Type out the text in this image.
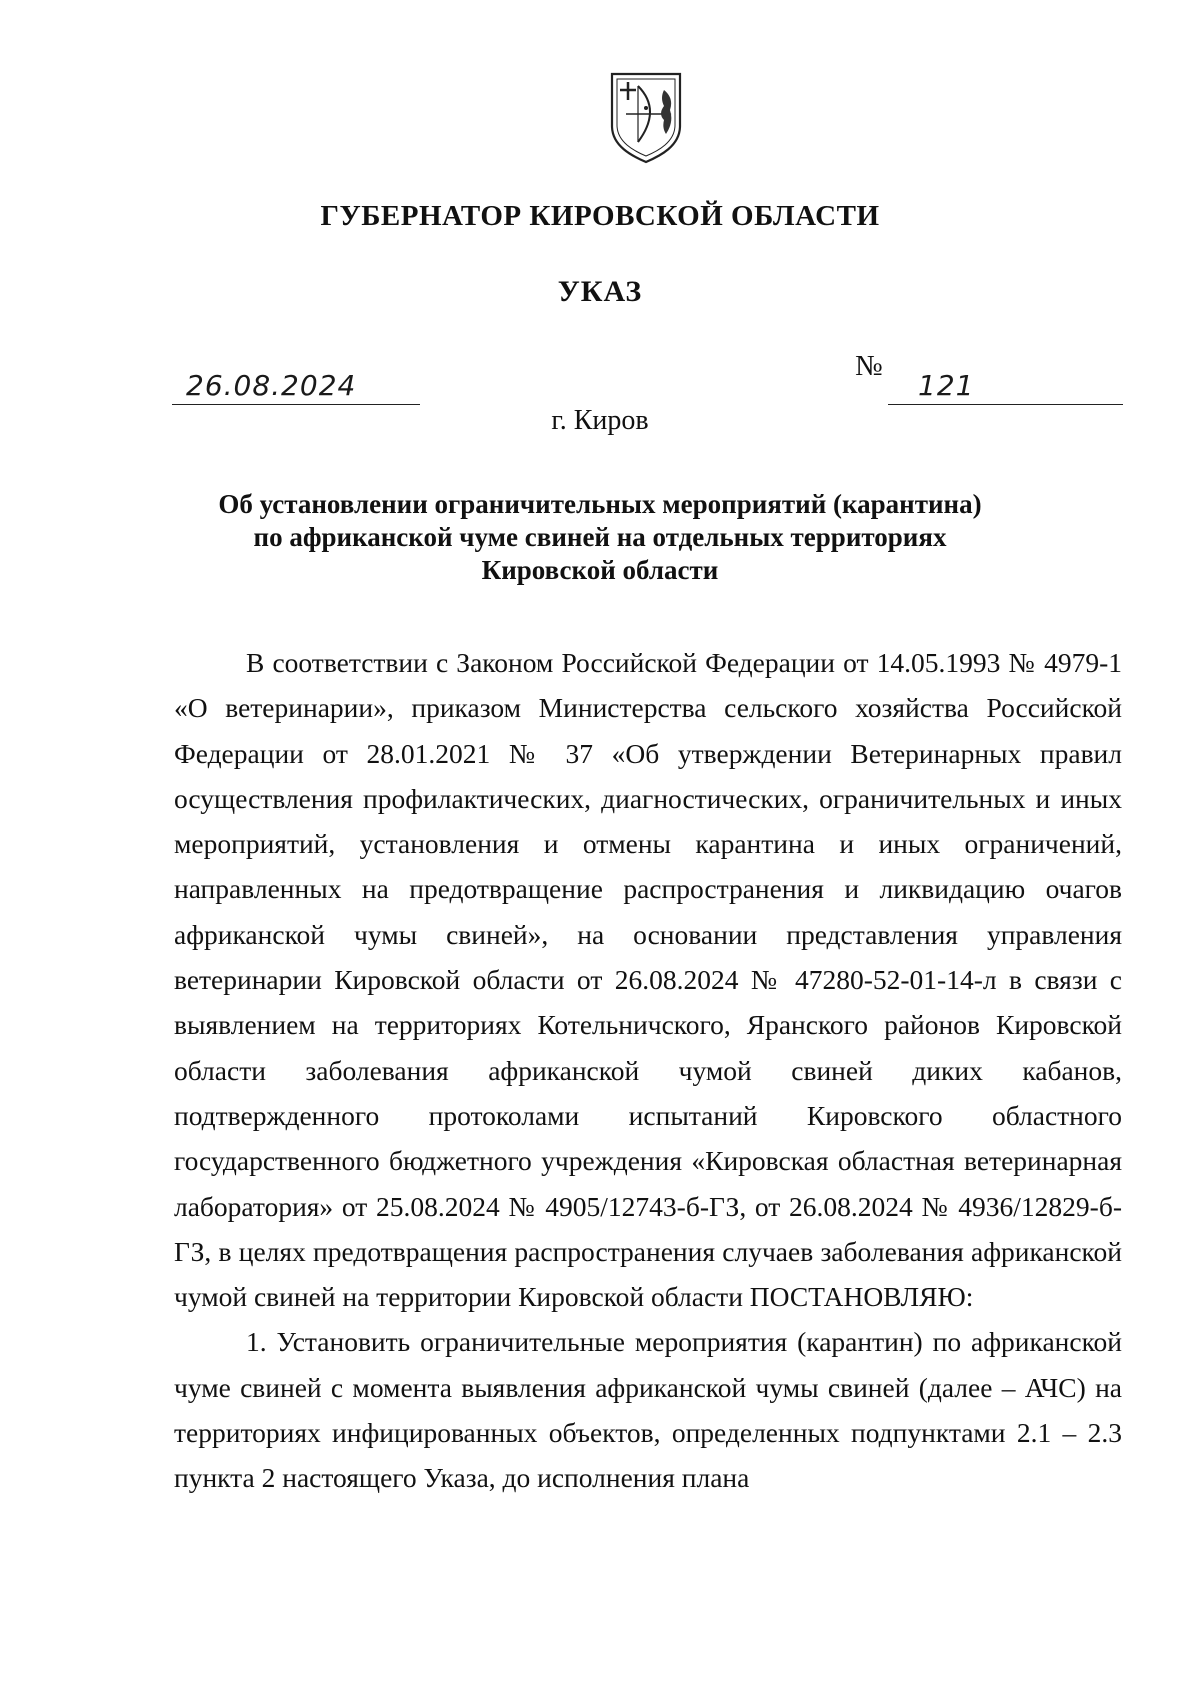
ГУБЕРНАТОР КИРОВСКОЙ ОБЛАСТИ
УКАЗ
26.08.2024
№
121
г. Киров
Об установлении ограничительных мероприятий (карантина)
по африканской чуме свиней на отдельных территориях
Кировской области

В соответствии с Законом Российской Федерации от 14.05.1993 № 4979-1 «О ветеринарии», приказом Министерства сельского хозяйства Российской Федерации от 28.01.2021 № 37 «Об утверждении Ветеринарных правил осуществления профилактических, диагностических, ограничительных и иных мероприятий, установления и отмены карантина и иных ограничений, направленных на предотвращение распространения и ликвидацию очагов африканской чумы свиней», на основании представления управления ветеринарии Кировской области от 26.08.2024 № 47280-52-01-14-л в связи с выявлением на территориях Котельничского, Яранского районов Кировской области заболевания африканской чумой свиней диких кабанов, подтвержденного протоколами испытаний Кировского областного государственного бюджетного учреждения «Кировская областная ветеринарная лаборатория» от 25.08.2024 № 4905/12743-б-ГЗ, от 26.08.2024 № 4936/12829-б-ГЗ, в целях предотвращения распространения случаев заболевания африканской чумой свиней на территории Кировской области ПОСТАНОВЛЯЮ:

1. Установить ограничительные мероприятия (карантин) по африканской чуме свиней с момента выявления африканской чумы свиней (далее – АЧС) на территориях инфицированных объектов, определенных подпунктами 2.1 – 2.3 пункта 2 настоящего Указа, до исполнения плана
